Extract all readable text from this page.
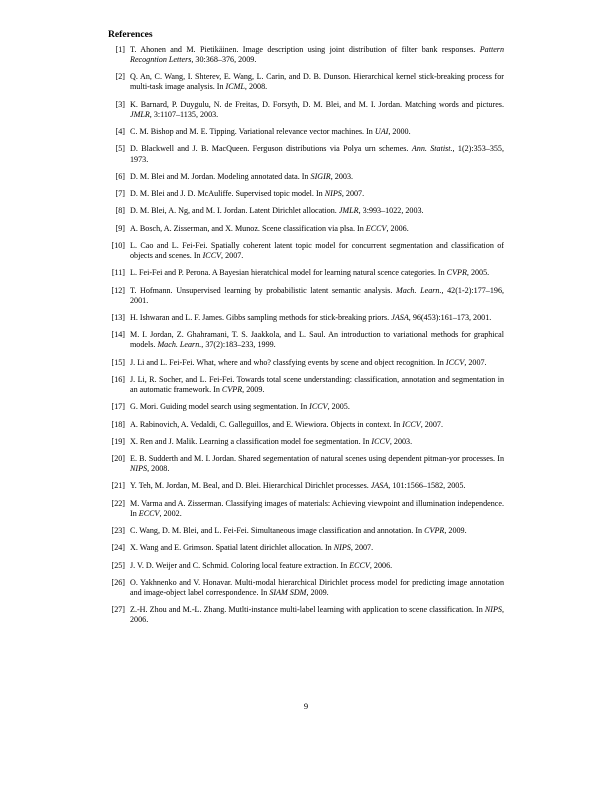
References
[1] T. Ahonen and M. Pietikäinen. Image description using joint distribution of filter bank responses. Pattern Recogntion Letters, 30:368–376, 2009.
[2] Q. An, C. Wang, I. Shterev, E. Wang, L. Carin, and D. B. Dunson. Hierarchical kernel stick-breaking process for multi-task image analysis. In ICML, 2008.
[3] K. Barnard, P. Duygulu, N. de Freitas, D. Forsyth, D. M. Blei, and M. I. Jordan. Matching words and pictures. JMLR, 3:1107–1135, 2003.
[4] C. M. Bishop and M. E. Tipping. Variational relevance vector machines. In UAI, 2000.
[5] D. Blackwell and J. B. MacQueen. Ferguson distributions via Polya urn schemes. Ann. Statist., 1(2):353–355, 1973.
[6] D. M. Blei and M. Jordan. Modeling annotated data. In SIGIR, 2003.
[7] D. M. Blei and J. D. McAuliffe. Supervised topic model. In NIPS, 2007.
[8] D. M. Blei, A. Ng, and M. I. Jordan. Latent Dirichlet allocation. JMLR, 3:993–1022, 2003.
[9] A. Bosch, A. Zisserman, and X. Munoz. Scene classification via plsa. In ECCV, 2006.
[10] L. Cao and L. Fei-Fei. Spatially coherent latent topic model for concurrent segmentation and classification of objects and scenes. In ICCV, 2007.
[11] L. Fei-Fei and P. Perona. A Bayesian hieratchical model for learning natural scence categories. In CVPR, 2005.
[12] T. Hofmann. Unsupervised learning by probabilistic latent semantic analysis. Mach. Learn., 42(1-2):177–196, 2001.
[13] H. Ishwaran and L. F. James. Gibbs sampling methods for stick-breaking priors. JASA, 96(453):161–173, 2001.
[14] M. I. Jordan, Z. Ghahramani, T. S. Jaakkola, and L. Saul. An introduction to variational methods for graphical models. Mach. Learn., 37(2):183–233, 1999.
[15] J. Li and L. Fei-Fei. What, where and who? classfying events by scene and object recognition. In ICCV, 2007.
[16] J. Li, R. Socher, and L. Fei-Fei. Towards total scene understanding: classification, annotation and segmentation in an automatic framework. In CVPR, 2009.
[17] G. Mori. Guiding model search using segmentation. In ICCV, 2005.
[18] A. Rabinovich, A. Vedaldi, C. Galleguillos, and E. Wiewiora. Objects in context. In ICCV, 2007.
[19] X. Ren and J. Malik. Learning a classification model foe segmentation. In ICCV, 2003.
[20] E. B. Sudderth and M. I. Jordan. Shared segementation of natural scenes using dependent pitman-yor processes. In NIPS, 2008.
[21] Y. Teh, M. Jordan, M. Beal, and D. Blei. Hierarchical Dirichlet processes. JASA, 101:1566–1582, 2005.
[22] M. Varma and A. Zisserman. Classifying images of materials: Achieving viewpoint and illumination independence. In ECCV, 2002.
[23] C. Wang, D. M. Blei, and L. Fei-Fei. Simultaneous image classification and annotation. In CVPR, 2009.
[24] X. Wang and E. Grimson. Spatial latent dirichlet allocation. In NIPS, 2007.
[25] J. V. D. Weijer and C. Schmid. Coloring local feature extraction. In ECCV, 2006.
[26] O. Yakhnenko and V. Honavar. Multi-modal hierarchical Dirichlet process model for predicting image annotation and image-object label correspondence. In SIAM SDM, 2009.
[27] Z.-H. Zhou and M.-L. Zhang. Mutlti-instance multi-label learning with application to scene classification. In NIPS, 2006.
9
